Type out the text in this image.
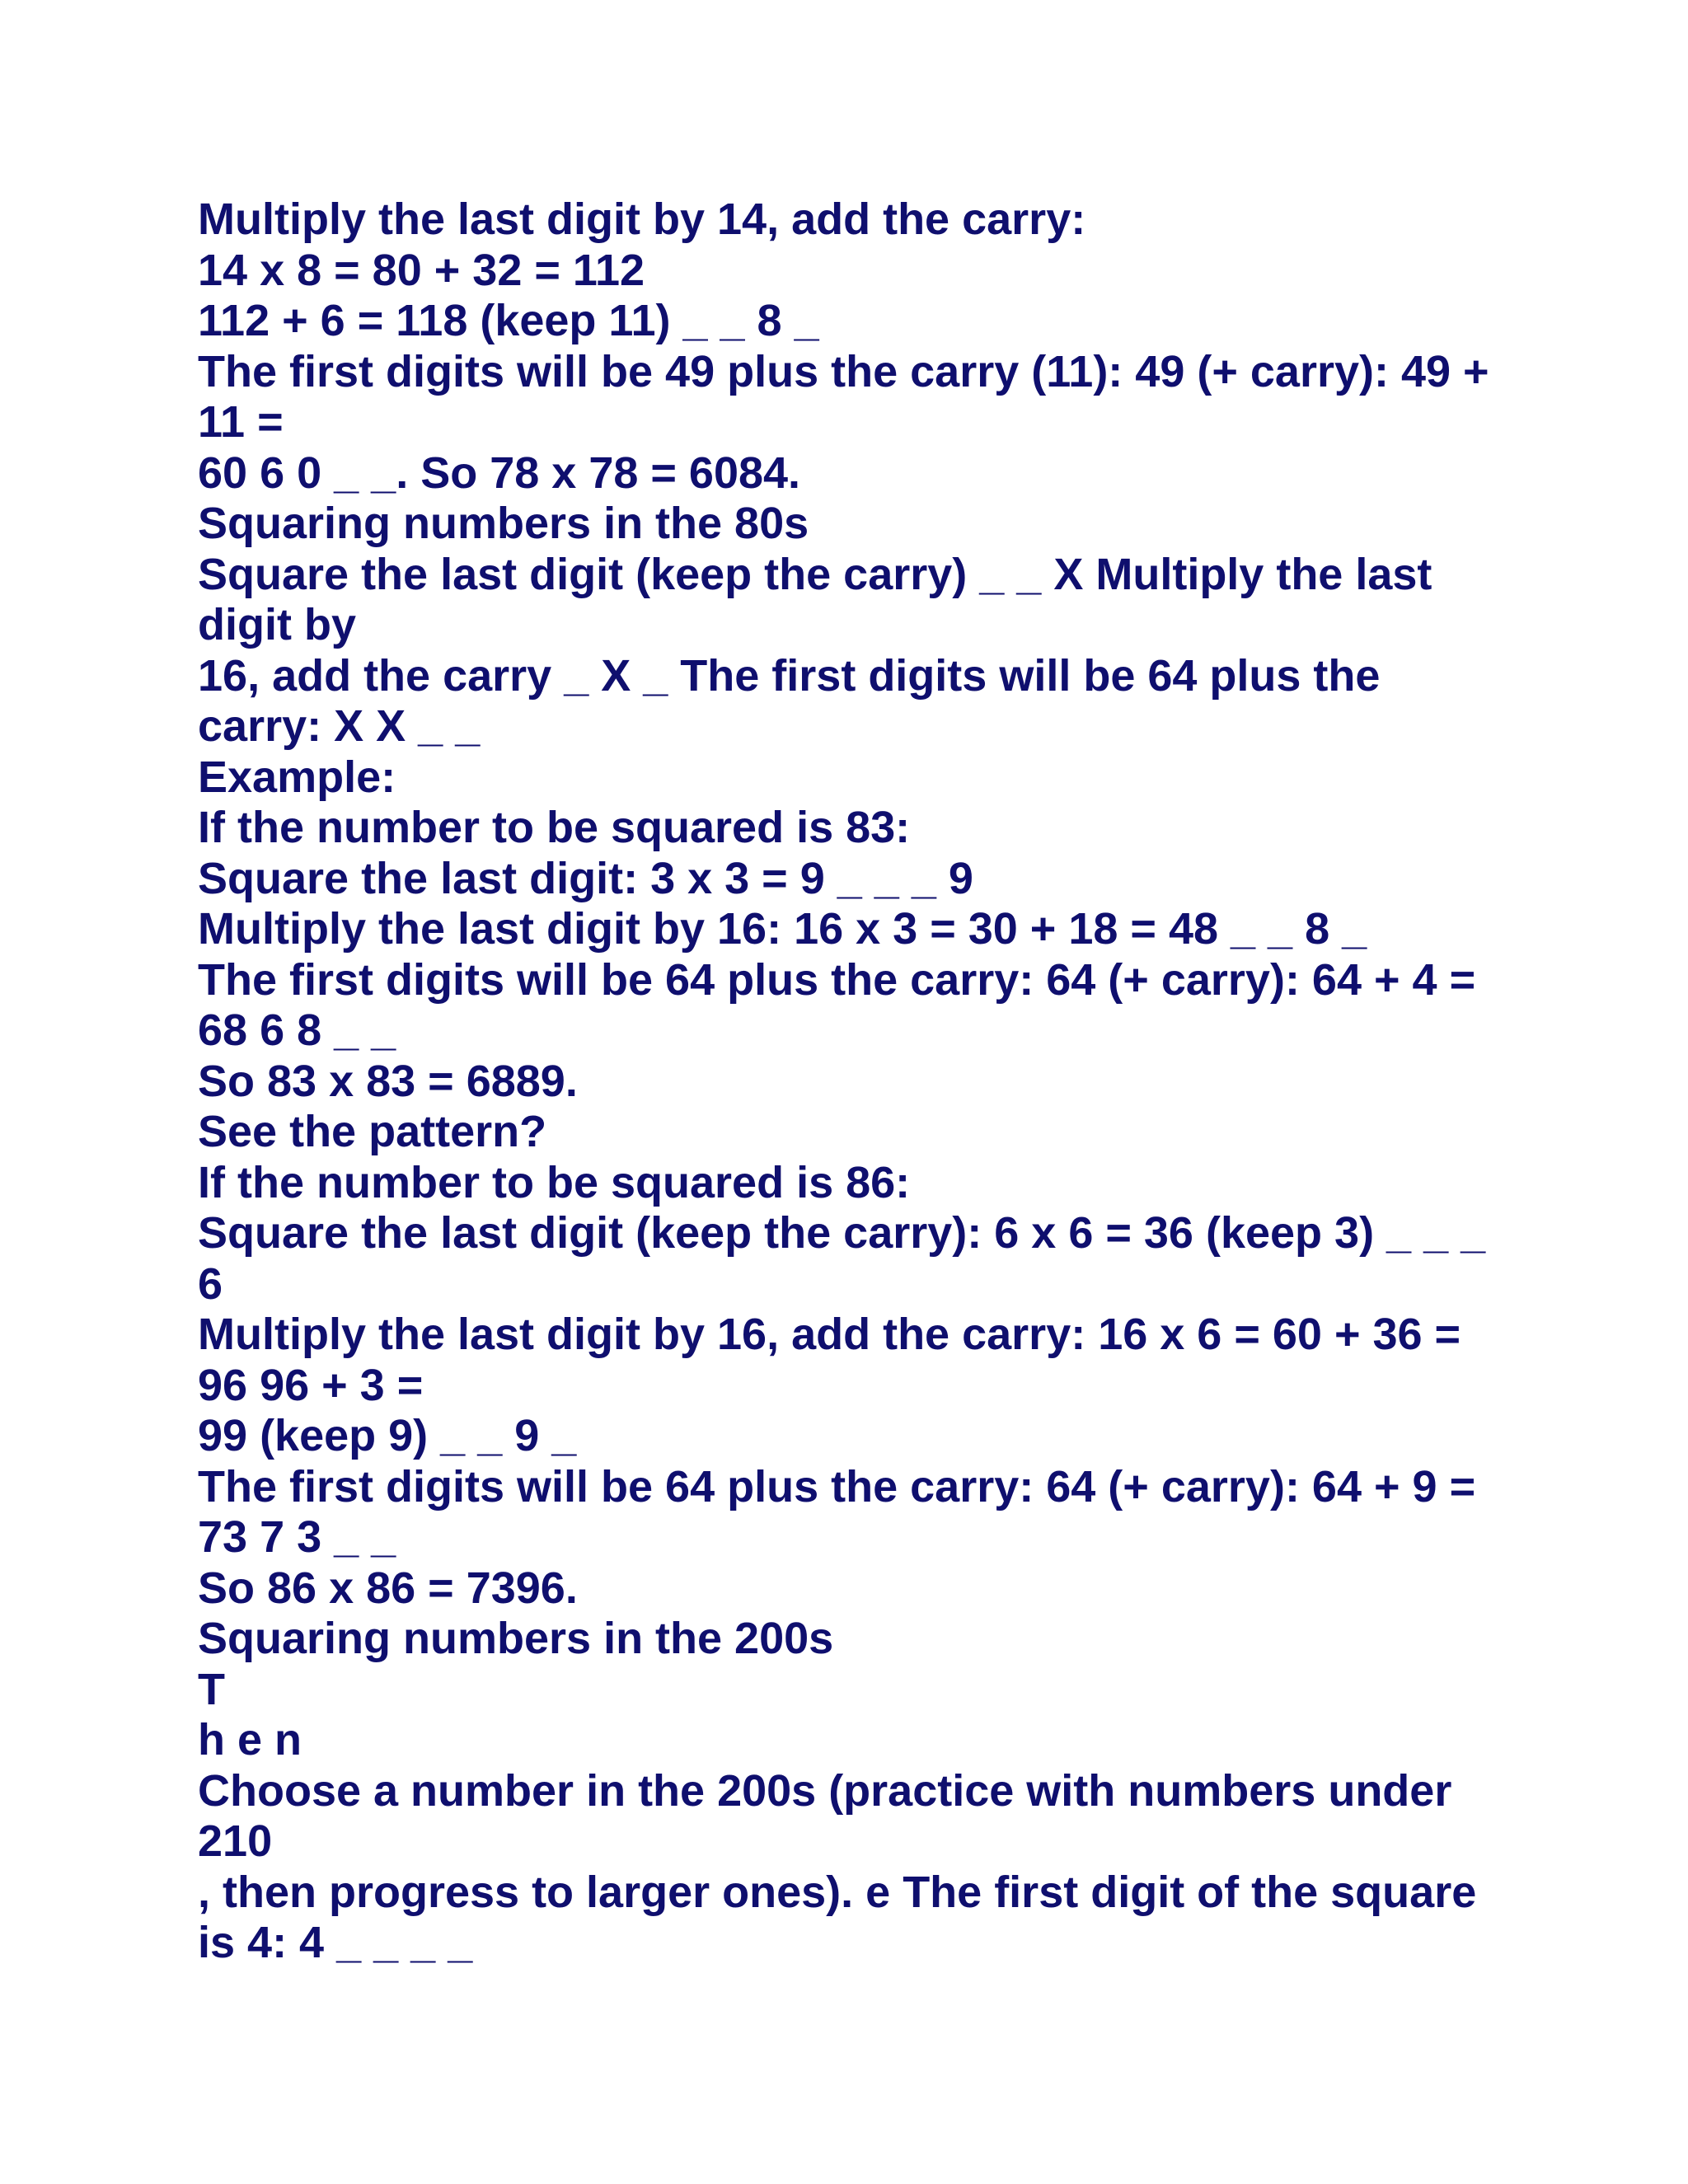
Multiply the last digit by 14, add the carry:
14 x 8 = 80 + 32 = 112
112 + 6 = 118 (keep 11) _ _ 8 _
The first digits will be 49 plus the carry (11): 49 (+ carry): 49 +
11 =
60 6 0 _ _. So 78 x 78 = 6084.
Squaring numbers in the 80s
Square the last digit (keep the carry) _ _ X Multiply the last
digit by
16, add the carry _ X _ The first digits will be 64 plus the
carry: X X _ _
Example:
If the number to be squared is 83:
Square the last digit: 3 x 3 = 9 _ _ _ 9
Multiply the last digit by 16: 16 x 3 = 30 + 18 = 48 _ _ 8 _
The first digits will be 64 plus the carry: 64 (+ carry): 64 + 4 =
68 6 8 _ _
So 83 x 83 = 6889.
See the pattern?
If the number to be squared is 86:
Square the last digit (keep the carry): 6 x 6 = 36 (keep 3) _ _ _
6
Multiply the last digit by 16, add the carry: 16 x 6 = 60 + 36 =
96 96 + 3 =
99 (keep 9) _ _ 9 _
The first digits will be 64 plus the carry: 64 (+ carry): 64 + 9 =
73 7 3 _ _
So 86 x 86 = 7396.
Squaring numbers in the 200s
T
h e n
Choose a number in the 200s (practice with numbers under
210
, then progress to larger ones). e The first digit of the square
is 4: 4 _ _ _ _
